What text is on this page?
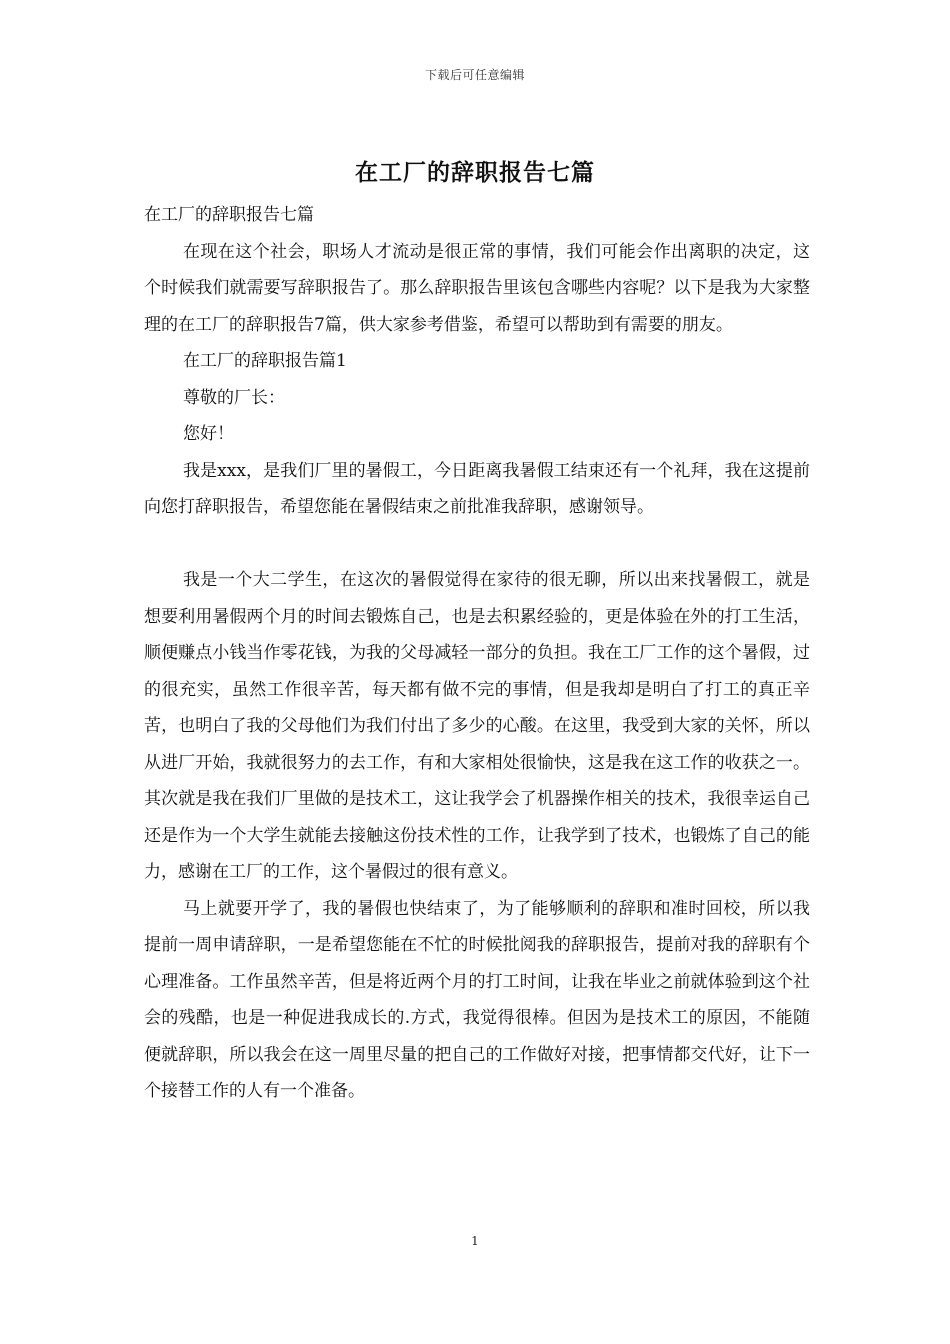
下载后可任意编辑
在工厂的辞职报告七篇

在工厂的辞职报告七篇

在现在这个社会，职场人才流动是很正常的事情，我们可能会作出离职的决定，这个时候我们就需要写辞职报告了。那么辞职报告里该包含哪些内容呢？以下是我为大家整理的在工厂的辞职报告7篇，供大家参考借鉴，希望可以帮助到有需要的朋友。

在工厂的辞职报告篇1

尊敬的厂长：

您好！

我是xxx，是我们厂里的暑假工，今日距离我暑假工结束还有一个礼拜，我在这提前向您打辞职报告，希望您能在暑假结束之前批准我辞职，感谢领导。

我是一个大二学生，在这次的暑假觉得在家待的很无聊，所以出来找暑假工，就是想要利用暑假两个月的时间去锻炼自己，也是去积累经验的，更是体验在外的打工生活，顺便赚点小钱当作零花钱，为我的父母减轻一部分的负担。我在工厂工作的这个暑假，过的很充实，虽然工作很辛苦，每天都有做不完的事情，但是我却是明白了打工的真正辛苦，也明白了我的父母他们为我们付出了多少的心酸。在这里，我受到大家的关怀，所以从进厂开始，我就很努力的去工作，有和大家相处很愉快，这是我在这工作的收获之一。其次就是我在我们厂里做的是技术工，这让我学会了机器操作相关的技术，我很幸运自己还是作为一个大学生就能去接触这份技术性的工作，让我学到了技术，也锻炼了自己的能力，感谢在工厂的工作，这个暑假过的很有意义。

马上就要开学了，我的暑假也快结束了，为了能够顺利的辞职和准时回校，所以我提前一周申请辞职，一是希望您能在不忙的时候批阅我的辞职报告，提前对我的辞职有个心理准备。工作虽然辛苦，但是将近两个月的打工时间，让我在毕业之前就体验到这个社会的残酷，也是一种促进我成长的.方式，我觉得很棒。但因为是技术工的原因，不能随便就辞职，所以我会在这一周里尽量的把自己的工作做好对接，把事情都交代好，让下一个接替工作的人有一个准备。

1
